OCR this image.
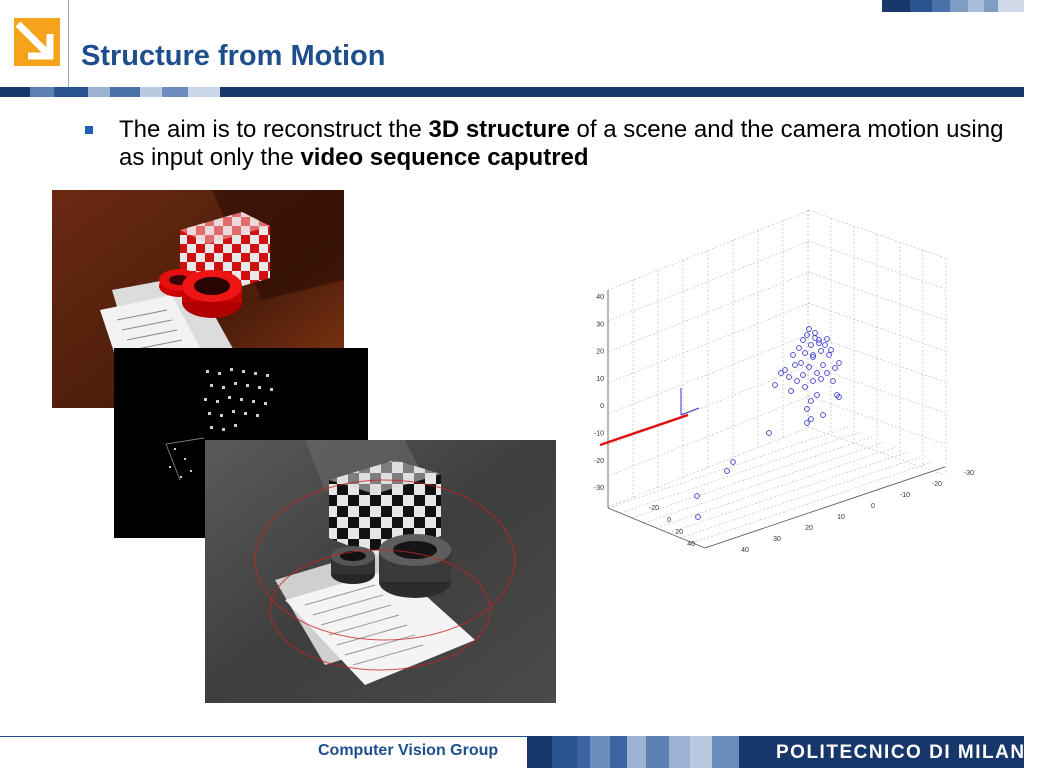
Structure from Motion
The aim is to reconstruct the 3D structure of a scene and the camera motion using as input only the video sequence caputred
40
30
20
10
0
-10
-20
-30
-20
0
20
40
40
30
20
10
0
-10
-20
-30
Computer Vision Group	POLITECNICO DI MILANO
